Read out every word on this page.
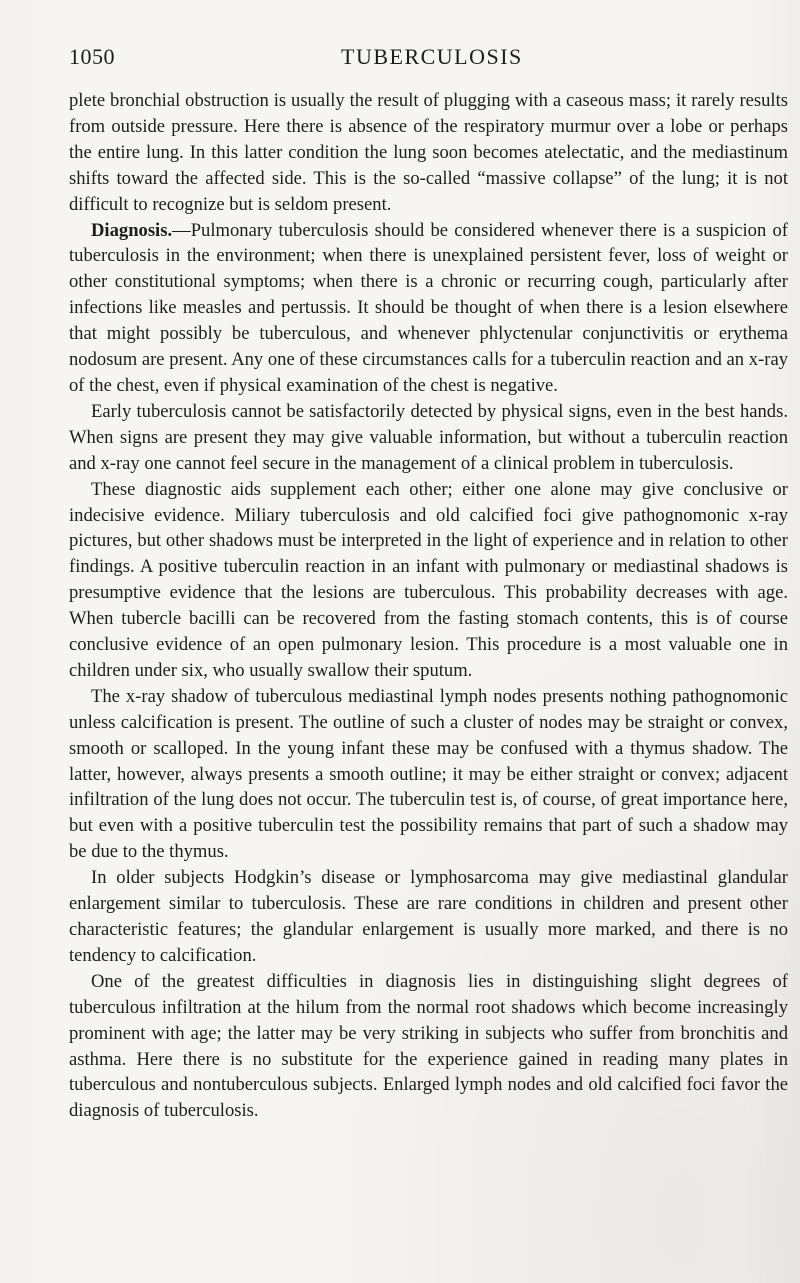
1050	TUBERCULOSIS

plete bronchial obstruction is usually the result of plugging with a caseous mass; it rarely results from outside pressure. Here there is absence of the respiratory murmur over a lobe or perhaps the entire lung. In this latter condition the lung soon becomes atelectatic, and the mediastinum shifts toward the affected side. This is the so-called “massive collapse” of the lung; it is not difficult to recognize but is seldom present.

Diagnosis.—Pulmonary tuberculosis should be considered whenever there is a suspicion of tuberculosis in the environment; when there is unexplained persistent fever, loss of weight or other constitutional symptoms; when there is a chronic or recurring cough, particularly after infections like measles and pertussis. It should be thought of when there is a lesion elsewhere that might possibly be tuberculous, and whenever phlyctenular conjunctivitis or erythema nodosum are present. Any one of these circumstances calls for a tuberculin reaction and an x-ray of the chest, even if physical examination of the chest is negative.

Early tuberculosis cannot be satisfactorily detected by physical signs, even in the best hands. When signs are present they may give valuable information, but without a tuberculin reaction and x-ray one cannot feel secure in the management of a clinical problem in tuberculosis.

These diagnostic aids supplement each other; either one alone may give conclusive or indecisive evidence. Miliary tuberculosis and old calcified foci give pathognomonic x-ray pictures, but other shadows must be interpreted in the light of experience and in relation to other findings. A positive tuberculin reaction in an infant with pulmonary or mediastinal shadows is presumptive evidence that the lesions are tuberculous. This probability decreases with age. When tubercle bacilli can be recovered from the fasting stomach contents, this is of course conclusive evidence of an open pulmonary lesion. This procedure is a most valuable one in children under six, who usually swallow their sputum.

The x-ray shadow of tuberculous mediastinal lymph nodes presents nothing pathognomonic unless calcification is present. The outline of such a cluster of nodes may be straight or convex, smooth or scalloped. In the young infant these may be confused with a thymus shadow. The latter, however, always presents a smooth outline; it may be either straight or convex; adjacent infiltration of the lung does not occur. The tuberculin test is, of course, of great importance here, but even with a positive tuberculin test the possibility remains that part of such a shadow may be due to the thymus.

In older subjects Hodgkin’s disease or lymphosarcoma may give mediastinal glandular enlargement similar to tuberculosis. These are rare conditions in children and present other characteristic features; the glandular enlargement is usually more marked, and there is no tendency to calcification.

One of the greatest difficulties in diagnosis lies in distinguishing slight degrees of tuberculous infiltration at the hilum from the normal root shadows which become increasingly prominent with age; the latter may be very striking in subjects who suffer from bronchitis and asthma. Here there is no substitute for the experience gained in reading many plates in tuberculous and nontuberculous subjects. Enlarged lymph nodes and old calcified foci favor the diagnosis of tuberculosis.
